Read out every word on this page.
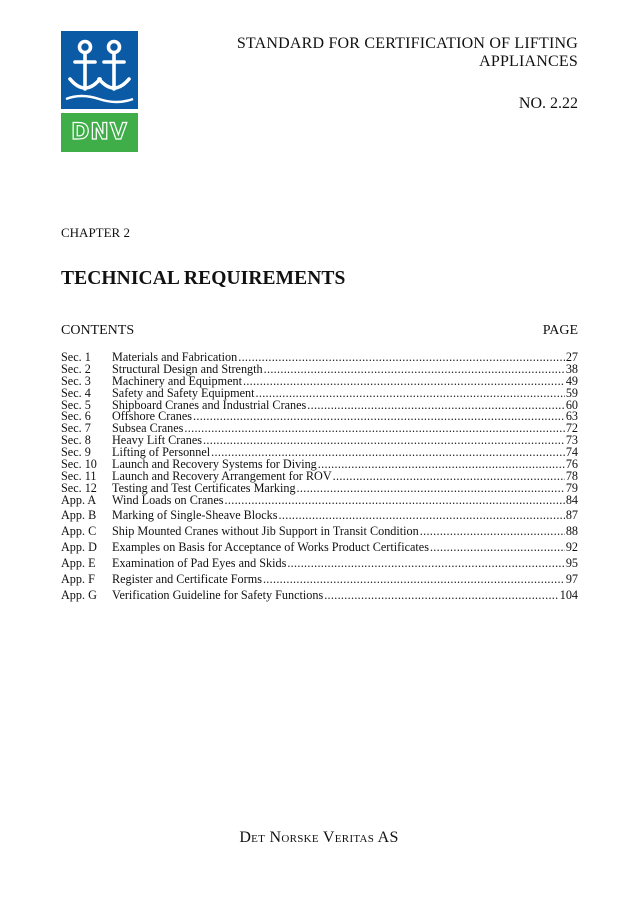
DNV
STANDARD FOR CERTIFICATION OF LIFTING APPLIANCES
NO. 2.22
CHAPTER 2
TECHNICAL REQUIREMENTS
CONTENTS	PAGE
Sec. 1	Materials and Fabrication .....	27
Sec. 2	Structural Design and Strength .....	38
Sec. 3	Machinery and Equipment .....	49
Sec. 4	Safety and Safety Equipment .....	59
Sec. 5	Shipboard Cranes and Industrial Cranes .....	60
Sec. 6	Offshore Cranes .....	63
Sec. 7	Subsea Cranes .....	72
Sec. 8	Heavy Lift Cranes .....	73
Sec. 9	Lifting of Personnel .....	74
Sec. 10	Launch and Recovery Systems for Diving .....	76
Sec. 11	Launch and Recovery Arrangement for ROV .....	78
Sec. 12	Testing and Test Certificates Marking .....	79
App. A	Wind Loads on Cranes .....	84
App. B	Marking of Single-Sheave Blocks .....	87
App. C	Ship Mounted Cranes without Jib Support in Transit Condition .....	88
App. D	Examples on Basis for Acceptance of Works Product Certificates .....	92
App. E	Examination of Pad Eyes and Skids .....	95
App. F	Register and Certificate Forms .....	97
App. G	Verification Guideline for Safety Functions .....	104
Det Norske Veritas AS
